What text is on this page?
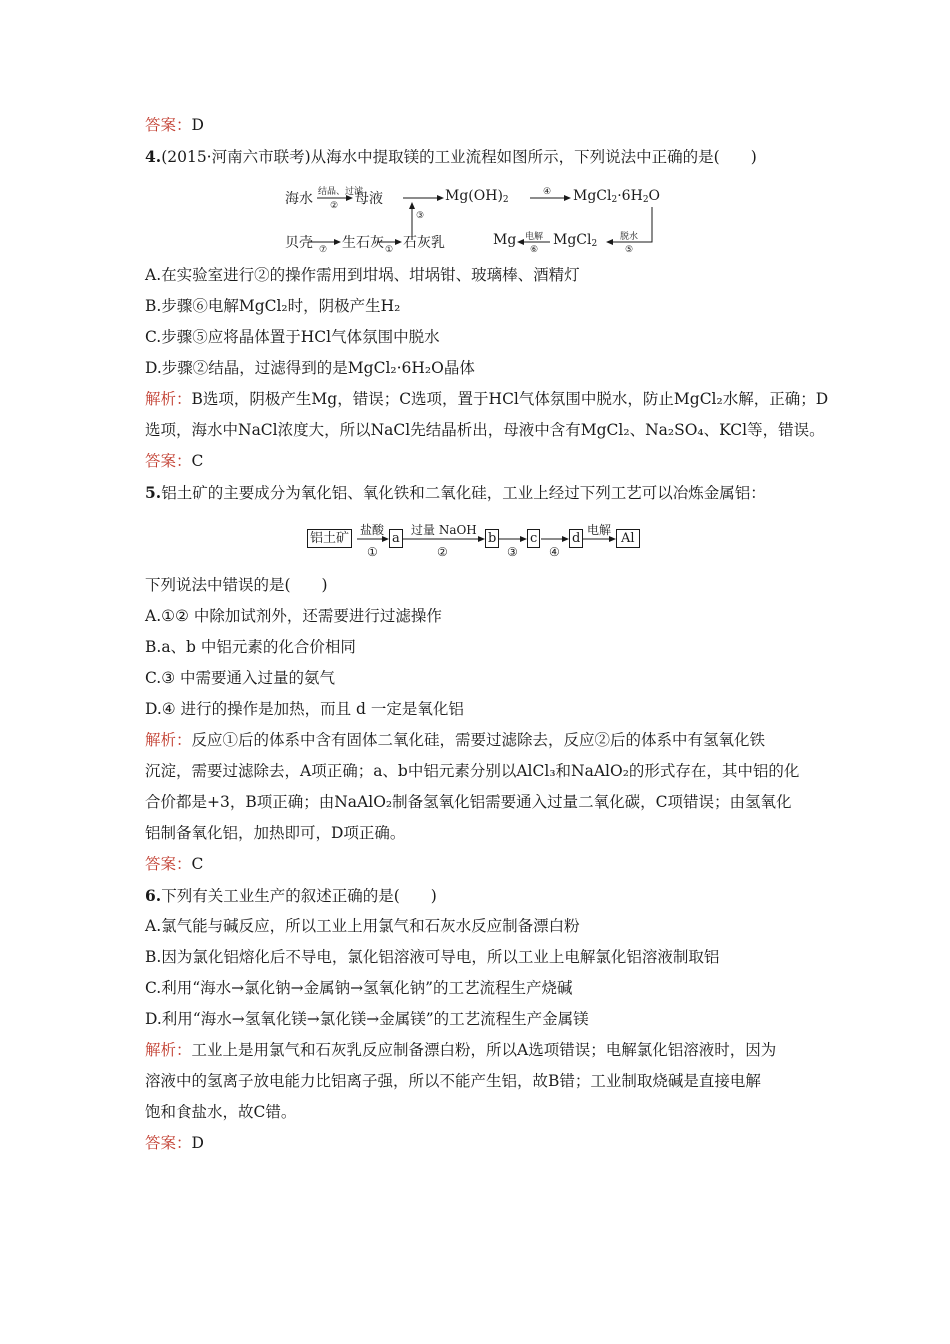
答案：D
4.(2015·河南六市联考)从海水中提取镁的工业流程如图所示，下列说法中正确的是(　　)
海水 结晶、过滤
② 母液
③
$Mg(OH)_2$
④ $MgCl_2\cdot 6H_2O$
贝壳 ⑦ 生石灰 ① 石灰乳	Mg 电解
⑥
MgCl$_2$
脱水
⑤
A.在实验室进行②的操作需用到坩埚、坩埚钳、玻璃棒、酒精灯
B.步骤⑥电解MgCl₂时，阴极产生H₂
C.步骤⑤应将晶体置于HCl气体氛围中脱水
D.步骤②结晶，过滤得到的是MgCl₂·6H₂O晶体
解析：B选项，阴极产生Mg，错误；C选项，置于HCl气体氛围中脱水，防止MgCl₂水解，正确；D
选项，海水中NaCl浓度大，所以NaCl先结晶析出，母液中含有MgCl₂、Na₂SO₄、KCl等，错误。
答案：C
5.铝土矿的主要成分为氧化铝、氧化铁和二氧化硅，工业上经过下列工艺可以冶炼金属铝：
铝土矿
盐酸
①
a
过量 NaOH
②
b
③
c
④
d
电解
Al
下列说法中错误的是(　　)
A.①② 中除加试剂外，还需要进行过滤操作
B.a、b 中铝元素的化合价相同
C.③ 中需要通入过量的氨气
D.④ 进行的操作是加热，而且 d 一定是氧化铝
解析：反应①后的体系中含有固体二氧化硅，需要过滤除去，反应②后的体系中有氢氧化铁
沉淀，需要过滤除去，A项正确；a、b中铝元素分别以AlCl₃和NaAlO₂的形式存在，其中铝的化
合价都是+3，B项正确；由NaAlO₂制备氢氧化铝需要通入过量二氧化碳，C项错误；由氢氧化
铝制备氧化铝，加热即可，D项正确。
答案：C
6.下列有关工业生产的叙述正确的是(　　)
A.氯气能与碱反应，所以工业上用氯气和石灰水反应制备漂白粉
B.因为氯化铝熔化后不导电，氯化铝溶液可导电，所以工业上电解氯化铝溶液制取铝
C.利用“海水→氯化钠→金属钠→氢氧化钠”的工艺流程生产烧碱
D.利用“海水→氢氧化镁→氯化镁→金属镁”的工艺流程生产金属镁
解析：工业上是用氯气和石灰乳反应制备漂白粉，所以A选项错误；电解氯化铝溶液时，因为
溶液中的氢离子放电能力比铝离子强，所以不能产生铝，故B错；工业制取烧碱是直接电解
饱和食盐水，故C错。
答案：D
